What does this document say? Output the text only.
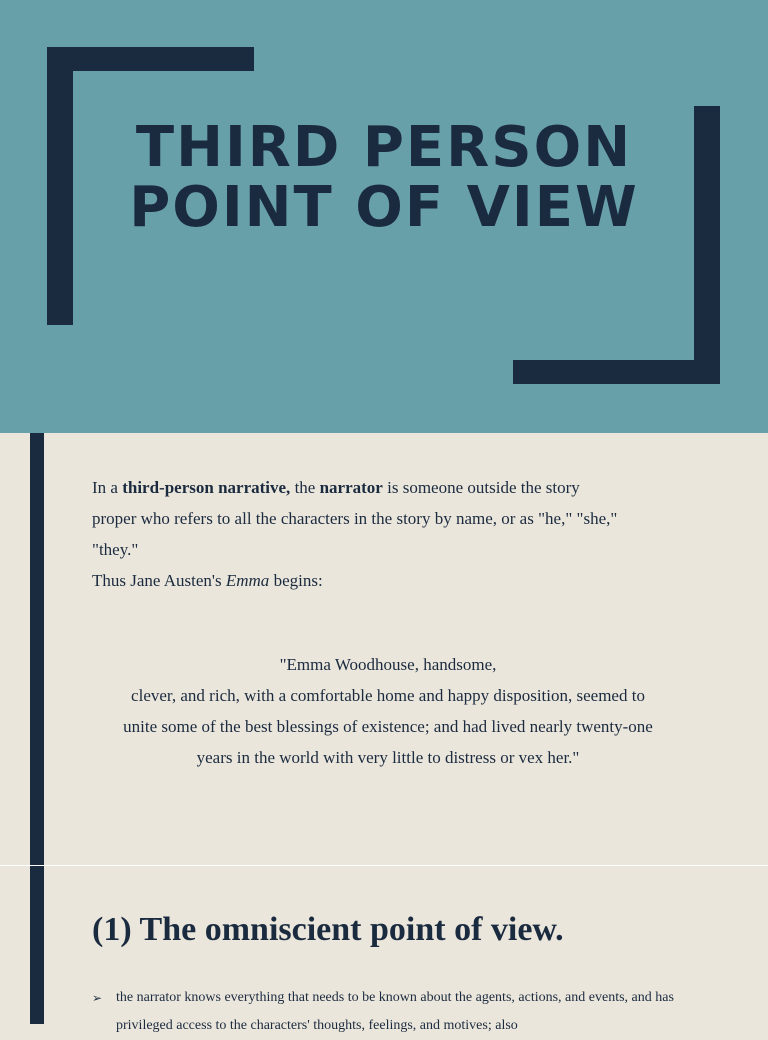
THIRD PERSON
POINT OF VIEW

In a third-person narrative, the narrator is someone outside the story

proper who refers to all the characters in the story by name, or as "he," "she,"

"they."

Thus Jane Austen's Emma begins:

"Emma Woodhouse, handsome,

clever, and rich, with a comfortable home and happy disposition, seemed to

unite some of the best blessings of existence; and had lived nearly twenty-one

years in the world with very little to distress or vex her."

(1) The omniscient point of view.
➢ the narrator knows everything that needs to be known about the agents, actions, and events, and has privileged access to the characters' thoughts, feelings, and motives; also
